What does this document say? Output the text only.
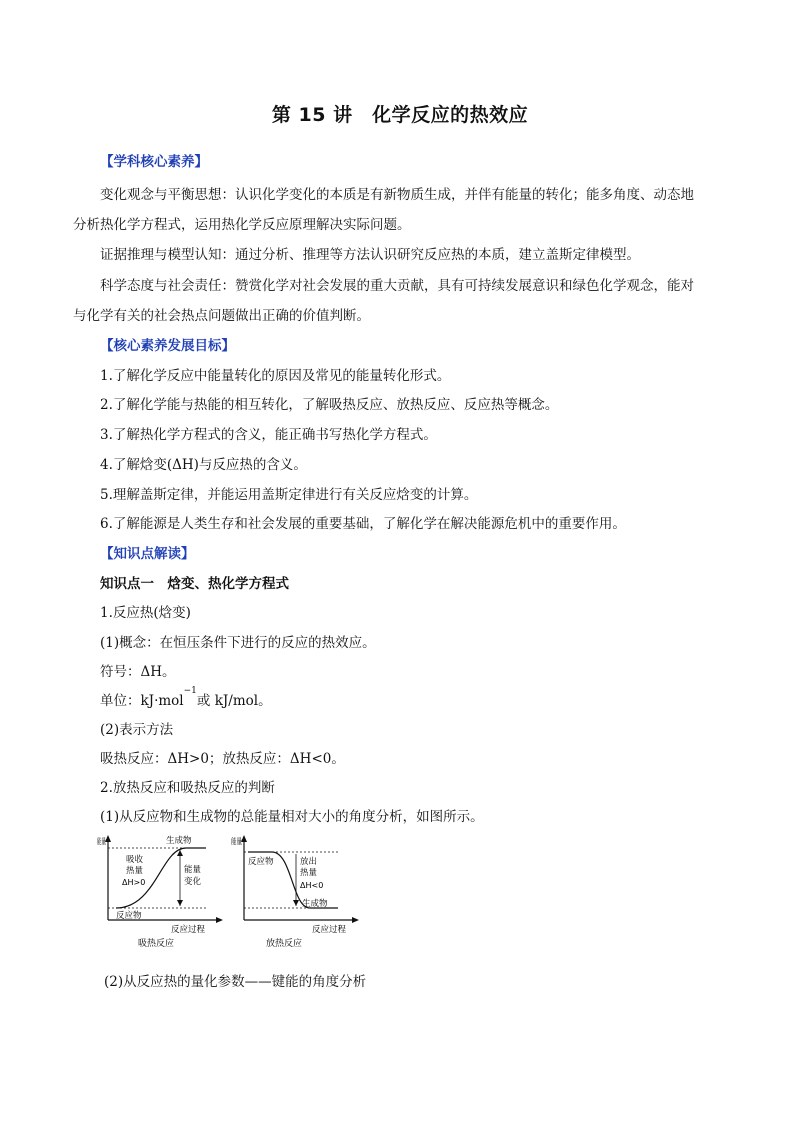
第 15 讲　化学反应的热效应
【学科核心素养】
变化观念与平衡思想：认识化学变化的本质是有新物质生成，并伴有能量的转化；能多角度、动态地
分析热化学方程式，运用热化学反应原理解决实际问题。
证据推理与模型认知：通过分析、推理等方法认识研究反应热的本质，建立盖斯定律模型。
科学态度与社会责任：赞赏化学对社会发展的重大贡献，具有可持续发展意识和绿色化学观念，能对
与化学有关的社会热点问题做出正确的价值判断。
【核心素养发展目标】
1.了解化学反应中能量转化的原因及常见的能量转化形式。
2.了解化学能与热能的相互转化，了解吸热反应、放热反应、反应热等概念。
3.了解热化学方程式的含义，能正确书写热化学方程式。
4.了解焓变(ΔH)与反应热的含义。
5.理解盖斯定律，并能运用盖斯定律进行有关反应焓变的计算。
6.了解能源是人类生存和社会发展的重要基础，了解化学在解决能源危机中的重要作用。
【知识点解读】
知识点一　焓变、热化学方程式
1.反应热(焓变)
(1)概念：在恒压条件下进行的反应的热效应。
符号：ΔH。
单位：kJ·mol$^{-1}$或 kJ/mol。
(2)表示方法
吸热反应：ΔH>0；放热反应：ΔH<0。
2.放热反应和吸热反应的判断
(1)从反应物和生成物的总能量相对大小的角度分析，如图所示。
能量	生成物
吸收
热量
ΔH>0
能量
变化
反应物
反应过程
吸热反应
能量
反应物	放出
热量
ΔH<0
生成物
反应过程
放热反应
(2)从反应热的量化参数——键能的角度分析
